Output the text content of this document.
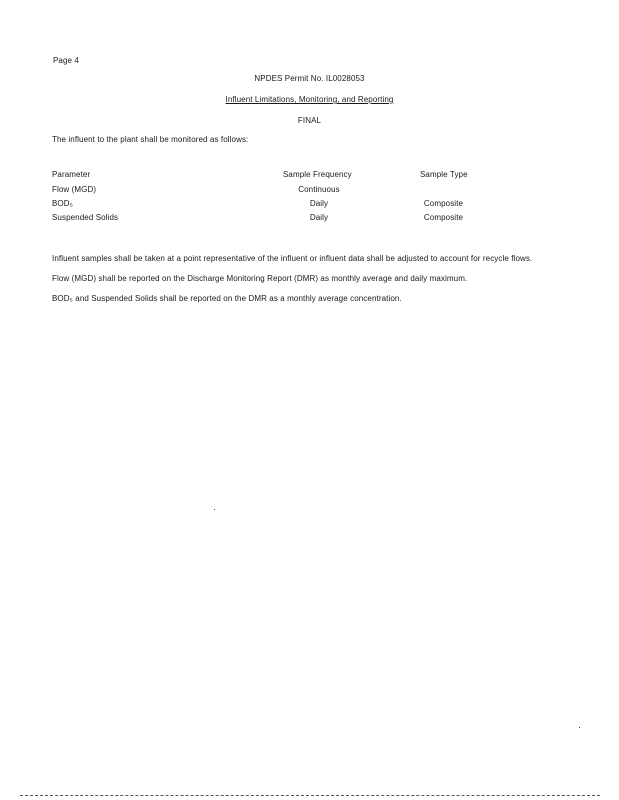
Page 4
NPDES Permit No. IL0028053
Influent Limitations, Monitoring, and Reporting
FINAL
The influent to the plant shall be monitored as follows:
Parameter	Sample Frequency	Sample Type
Flow (MGD)	Continuous
BOD₅	Daily	Composite
Suspended Solids	Daily	Composite
Influent samples shall be taken at a point representative of the influent or influent data shall be adjusted to account for recycle flows.
Flow (MGD) shall be reported on the Discharge Monitoring Report (DMR) as monthly average and daily maximum.
BOD₅ and Suspended Solids shall be reported on the DMR as a monthly average concentration.
